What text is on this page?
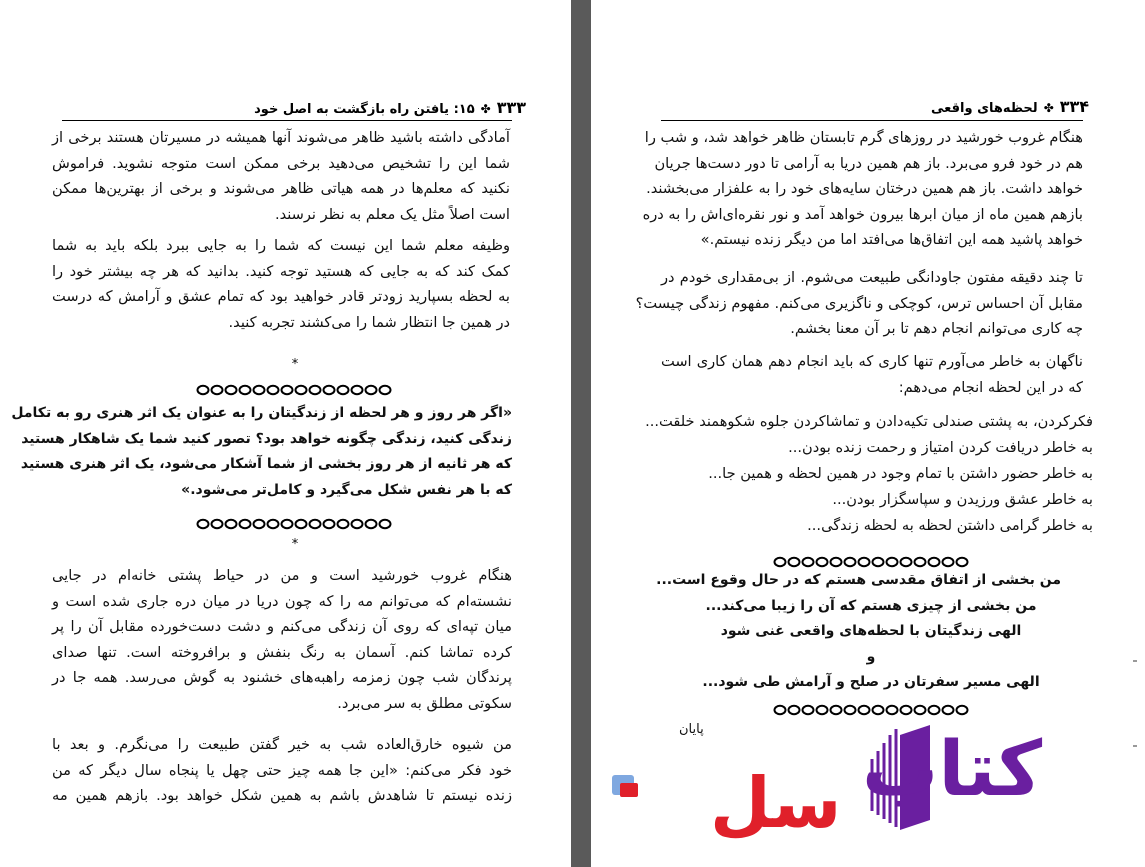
۳۳۳✤۱۵: یافتن راه بازگشت به اصل خود
آمادگی داشته باشید ظاهر می‌شوند آنها همیشه در مسیرتان هستند برخی از
شما این را تشخیص می‌دهید برخی ممکن است متوجه نشوید. فراموش
نکنید که معلم‌ها در همه هیاتی ظاهر می‌شوند و برخی از بهترین‌ها ممکن
است اصلاً مثل یک معلم به نظر نرسند.
وظیفه معلم شما این نیست که شما را به جایی ببرد بلکه باید به شما
کمک کند که به جایی که هستید توجه کنید. بدانید که هر چه بیشتر خود را
به لحظه بسپارید زودتر قادر خواهید بود که تمام عشق و آرامش که درست
در همین جا انتظار شما را می‌کشند تجربه کنید.
*
«اگر هر روز و هر لحظه از زندگیتان را به عنوان یک اثر هنری رو به تکامل
زندگی کنید، زندگی چگونه خواهد بود؟ تصور کنید شما یک شاهکار هستید
که هر ثانیه از هر روز بخشی از شما آشکار می‌شود، یک اثر هنری هستید
که با هر نفس شکل می‌گیرد و کامل‌تر می‌شود.»
*
هنگام غروب خورشید است و من در حیاط پشتی خانه‌ام در جایی
نشسته‌ام که می‌توانم مه را که چون دریا در میان دره جاری شده است و
میان تپه‌ای که روی آن زندگی می‌کنم و دشت دست‌خورده مقابل آن را پر
کرده تماشا کنم. آسمان به رنگ بنفش و برافروخته است. تنها صدای
پرندگان شب چون زمزمه راهبه‌های خشنود به گوش می‌رسد. همه جا در
سکوتی مطلق به سر می‌برد.
من شیوه خارق‌العاده شب به خیر گفتن طبیعت را می‌نگرم. و بعد با
خود فکر می‌کنم: «این جا همه چیز حتی چهل یا پنجاه سال دیگر که من
زنده نیستم تا شاهدش باشم به همین شکل خواهد بود. بازهم همین مه
۳۳۴✤لحظه‌های واقعی
هنگام غروب خورشید در روزهای گرم تابستان ظاهر خواهد شد، و شب را
هم در خود فرو می‌برد. باز هم همین دریا به آرامی تا دور دست‌ها جریان
خواهد داشت. باز هم همین درختان سایه‌های خود را به علفزار می‌بخشند.
بازهم همین ماه از میان ابرها بیرون خواهد آمد و نور نقره‌ای‌اش را به دره
خواهد پاشید همه این اتفاق‌ها می‌افتد اما من دیگر زنده نیستم.»
تا چند دقیقه مفتون جاودانگی طبیعت می‌شوم. از بی‌مقداری خودم در
مقابل آن احساس ترس، کوچکی و ناگزیری می‌کنم. مفهوم زندگی چیست؟
چه کاری می‌توانم انجام دهم تا بر آن معنا بخشم.
ناگهان به خاطر می‌آورم تنها کاری که باید انجام دهم همان کاری است
که در این لحظه انجام می‌دهم:
فکرکردن، به پشتی صندلی تکیه‌دادن و تماشاکردن جلوه شکوهمند خلقت...
به خاطر دریافت کردن امتیاز و رحمت زنده بودن...
به خاطر حضور داشتن با تمام وجود در همین لحظه و همین جا...
به خاطر عشق ورزیدن و سپاسگزار بودن...
به خاطر گرامی داشتن لحظه به لحظه زندگی...
من بخشی از اتفاق مقدسی هستم که در حال وقوع است...
من بخشی از چیزی هستم که آن را زیبا می‌کند...
الهی زندگیتان با لحظه‌های واقعی غنی شود
و
الهی مسیر سفرتان در صلح و آرامش طی شود...
پایان کتاب
سل
